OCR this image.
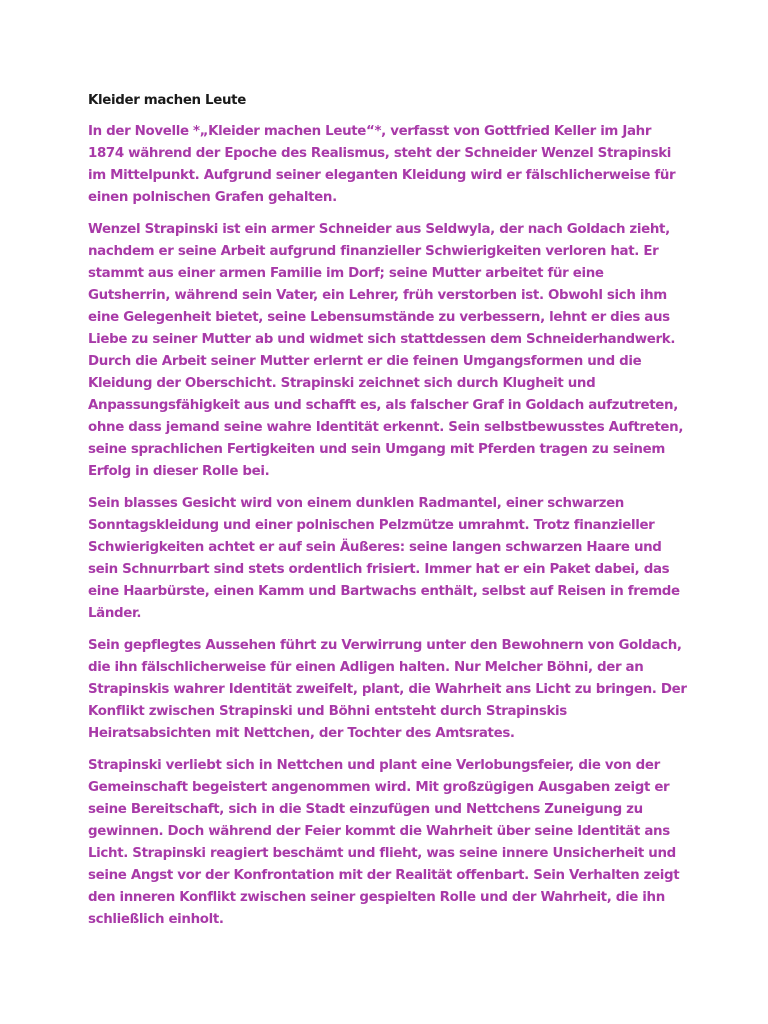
Kleider machen Leute

In der Novelle *„Kleider machen Leute“*, verfasst von Gottfried Keller im Jahr 1874 während der Epoche des Realismus, steht der Schneider Wenzel Strapinski im Mittelpunkt. Aufgrund seiner eleganten Kleidung wird er fälschlicherweise für einen polnischen Grafen gehalten.

Wenzel Strapinski ist ein armer Schneider aus Seldwyla, der nach Goldach zieht, nachdem er seine Arbeit aufgrund finanzieller Schwierigkeiten verloren hat. Er stammt aus einer armen Familie im Dorf; seine Mutter arbeitet für eine Gutsherrin, während sein Vater, ein Lehrer, früh verstorben ist. Obwohl sich ihm eine Gelegenheit bietet, seine Lebensumstände zu verbessern, lehnt er dies aus Liebe zu seiner Mutter ab und widmet sich stattdessen dem Schneiderhandwerk. Durch die Arbeit seiner Mutter erlernt er die feinen Umgangsformen und die Kleidung der Oberschicht. Strapinski zeichnet sich durch Klugheit und Anpassungsfähigkeit aus und schafft es, als falscher Graf in Goldach aufzutreten, ohne dass jemand seine wahre Identität erkennt. Sein selbstbewusstes Auftreten, seine sprachlichen Fertigkeiten und sein Umgang mit Pferden tragen zu seinem Erfolg in dieser Rolle bei.

Sein blasses Gesicht wird von einem dunklen Radmantel, einer schwarzen Sonntagskleidung und einer polnischen Pelzmütze umrahmt. Trotz finanzieller Schwierigkeiten achtet er auf sein Äußeres: seine langen schwarzen Haare und sein Schnurrbart sind stets ordentlich frisiert. Immer hat er ein Paket dabei, das eine Haarbürste, einen Kamm und Bartwachs enthält, selbst auf Reisen in fremde Länder.

Sein gepflegtes Aussehen führt zu Verwirrung unter den Bewohnern von Goldach, die ihn fälschlicherweise für einen Adligen halten. Nur Melcher Böhni, der an Strapinskis wahrer Identität zweifelt, plant, die Wahrheit ans Licht zu bringen. Der Konflikt zwischen Strapinski und Böhni entsteht durch Strapinskis Heiratsabsichten mit Nettchen, der Tochter des Amtsrates.

Strapinski verliebt sich in Nettchen und plant eine Verlobungsfeier, die von der Gemeinschaft begeistert angenommen wird. Mit großzügigen Ausgaben zeigt er seine Bereitschaft, sich in die Stadt einzufügen und Nettchens Zuneigung zu gewinnen. Doch während der Feier kommt die Wahrheit über seine Identität ans Licht. Strapinski reagiert beschämt und flieht, was seine innere Unsicherheit und seine Angst vor der Konfrontation mit der Realität offenbart. Sein Verhalten zeigt den inneren Konflikt zwischen seiner gespielten Rolle und der Wahrheit, die ihn schließlich einholt.
